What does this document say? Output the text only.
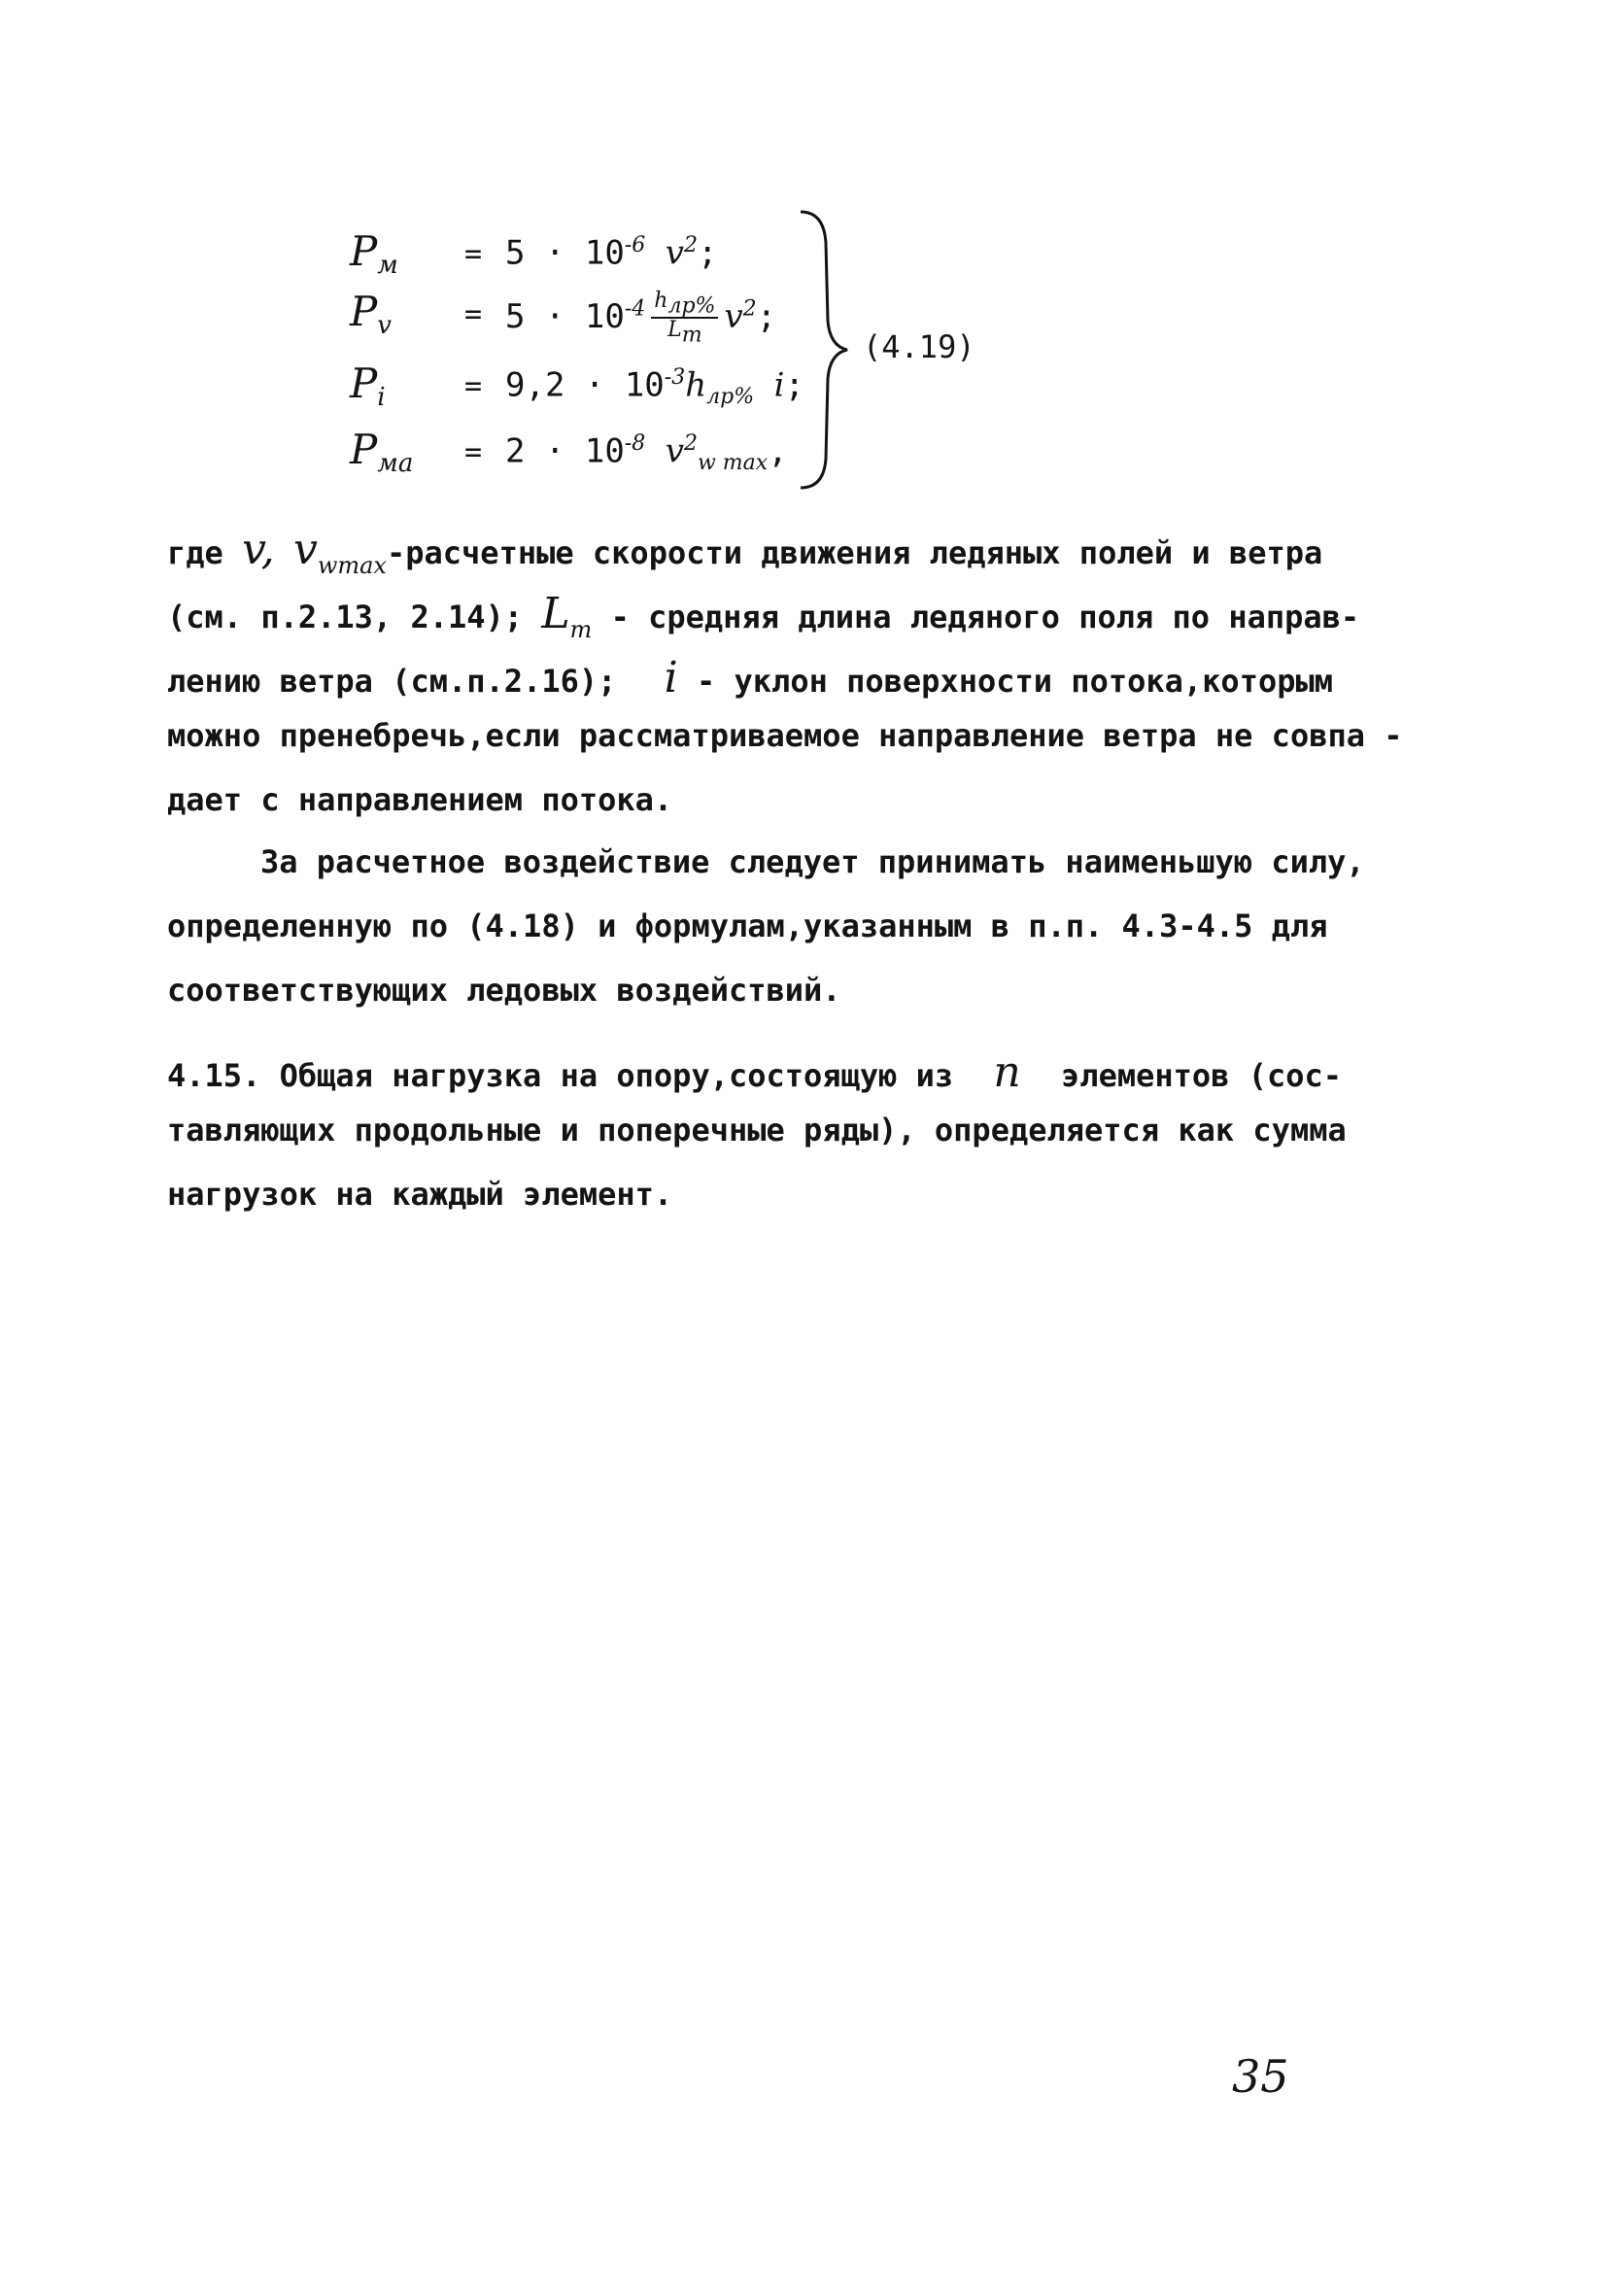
$P_м$	= $5 \cdot 10^{-6}$ $v^2$;
$P_v$	= $5 \cdot 10^{-4} \frac{h_{лр\%}}{L_m} v^2$;
$P_i$	= $9,2 \cdot 10^{-3}h_{лр\%}$ i;
$P_{мa}$	= $2 \cdot 10^{-8}$ $v^2_{w max}$,
(4.19)
где v, $v_{wmax}$-расчетные скорости движения ледяных полей и ветра
(см. п.2.13, 2.14); $L_m$ - средняя длина ледяного поля по направ-
лению ветра (см.п.2.16); i - уклон поверхности потока,которым
можно пренебречь,если рассматриваемое направление ветра не совпа -
дает с направлением потока.
За расчетное воздействие следует принимать наименьшую силу,
определенную по (4.18) и формулам,указанным в п.п. 4.3-4.5 для
соответствующих ледовых воздействий.
4.15. Общая нагрузка на опору,состоящую из n элементов (сос-
тавляющих продольные и поперечные ряды), определяется как сумма
нагрузок на каждый элемент.
35
